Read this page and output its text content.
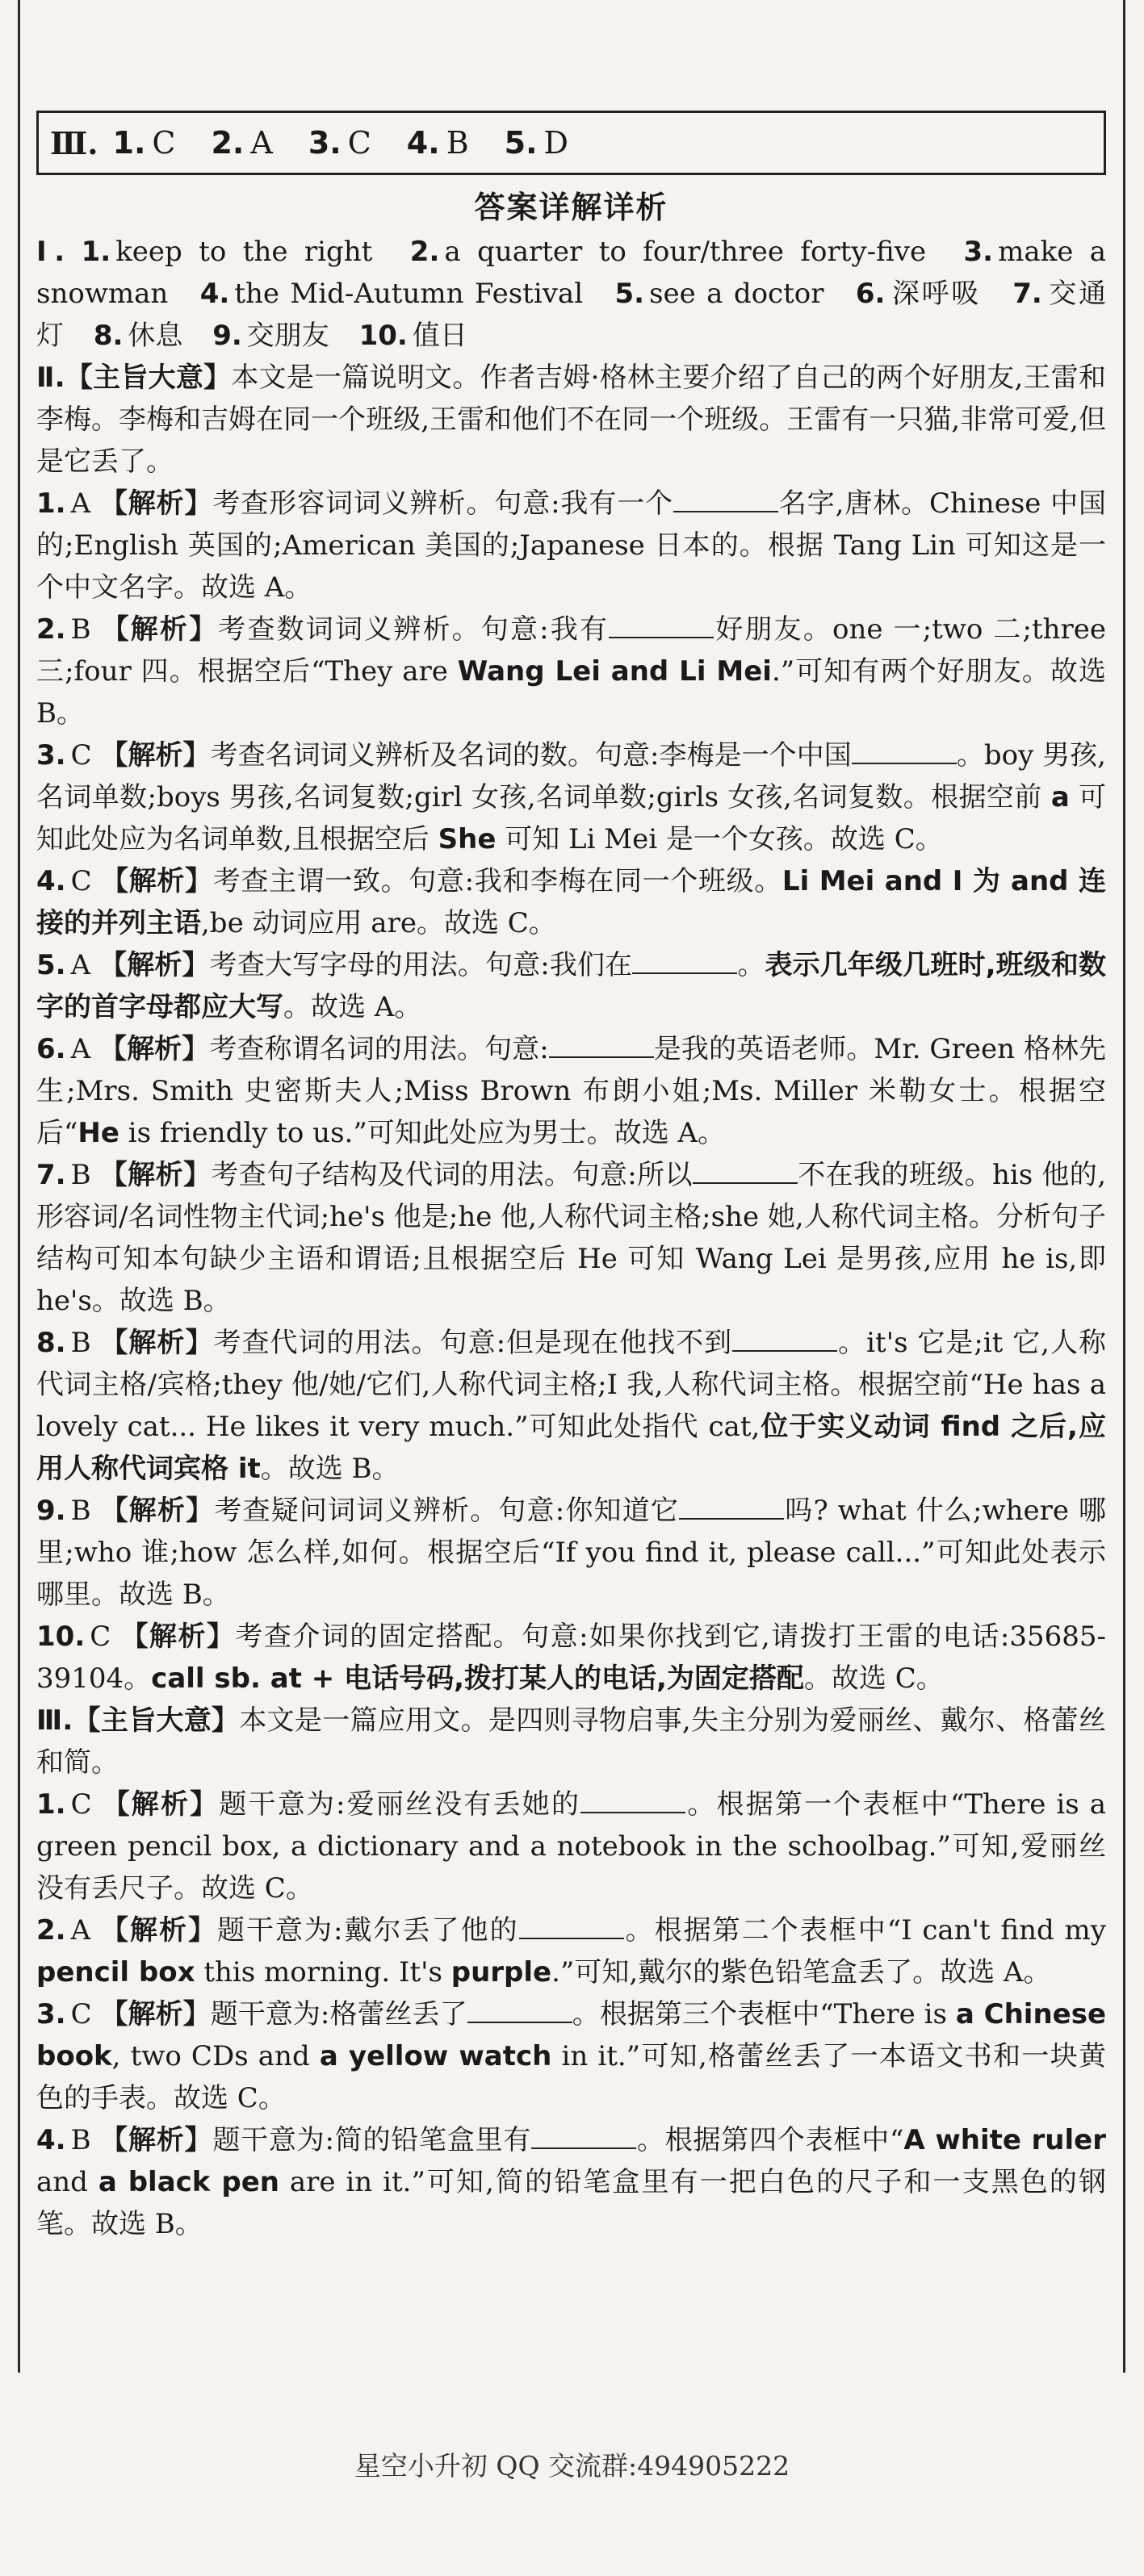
Ⅲ. 1. C 2. A 3. C 4. B 5. D
答案详解详析

Ⅰ. 1. keep to the right 2. a quarter to four/three forty-five 3. make a snowman 4. the Mid-Autumn Festival 5. see a doctor 6. 深呼吸 7. 交通灯 8. 休息 9. 交朋友 10. 值日

Ⅱ.【主旨大意】本文是一篇说明文。作者吉姆·格林主要介绍了自己的两个好朋友,王雷和李梅。李梅和吉姆在同一个班级,王雷和他们不在同一个班级。王雷有一只猫,非常可爱,但是它丢了。

1. A 【解析】考查形容词词义辨析。句意:我有一个	名字,唐林。Chinese 中国的;English 英国的;American 美国的;Japanese 日本的。根据 Tang Lin 可知这是一个中文名字。故选 A。

2. B 【解析】考查数词词义辨析。句意:我有	好朋友。one 一;two 二;three 三;four 四。根据空后“They are Wang Lei and Li Mei.”可知有两个好朋友。故选 B。

3. C 【解析】考查名词词义辨析及名词的数。句意:李梅是一个中国	。boy 男孩,名词单数;boys 男孩,名词复数;girl 女孩,名词单数;girls 女孩,名词复数。根据空前 a 可知此处应为名词单数,且根据空后 She 可知 Li Mei 是一个女孩。故选 C。

4. C 【解析】考查主谓一致。句意:我和李梅在同一个班级。Li Mei and I 为 and 连接的并列主语,be 动词应用 are。故选 C。

5. A 【解析】考查大写字母的用法。句意:我们在	。表示几年级几班时,班级和数字的首字母都应大写。故选 A。

6. A 【解析】考查称谓名词的用法。句意:	是我的英语老师。Mr. Green 格林先生;Mrs. Smith 史密斯夫人;Miss Brown 布朗小姐;Ms. Miller 米勒女士。根据空后“He is friendly to us.”可知此处应为男士。故选 A。

7. B 【解析】考查句子结构及代词的用法。句意:所以	不在我的班级。his 他的,形容词/名词性物主代词;he's 他是;he 他,人称代词主格;she 她,人称代词主格。分析句子结构可知本句缺少主语和谓语;且根据空后 He 可知 Wang Lei 是男孩,应用 he is,即 he's。故选 B。

8. B 【解析】考查代词的用法。句意:但是现在他找不到	。it's 它是;it 它,人称代词主格/宾格;they 他/她/它们,人称代词主格;I 我,人称代词主格。根据空前“He has a lovely cat... He likes it very much.”可知此处指代 cat,位于实义动词 find 之后,应用人称代词宾格 it。故选 B。

9. B 【解析】考查疑问词词义辨析。句意:你知道它	吗? what 什么;where 哪里;who 谁;how 怎么样,如何。根据空后“If you find it, please call...”可知此处表示哪里。故选 B。

10. C 【解析】考查介词的固定搭配。句意:如果你找到它,请拨打王雷的电话:35685-39104。call sb. at + 电话号码,拨打某人的电话,为固定搭配。故选 C。

Ⅲ.【主旨大意】本文是一篇应用文。是四则寻物启事,失主分别为爱丽丝、戴尔、格蕾丝和简。

1. C 【解析】题干意为:爱丽丝没有丢她的	。根据第一个表框中“There is a green pencil box, a dictionary and a notebook in the schoolbag.”可知,爱丽丝没有丢尺子。故选 C。

2. A 【解析】题干意为:戴尔丢了他的	。根据第二个表框中“I can't find my pencil box this morning. It's purple.”可知,戴尔的紫色铅笔盒丢了。故选 A。

3. C 【解析】题干意为:格蕾丝丢了	。根据第三个表框中“There is a Chinese book, two CDs and a yellow watch in it.”可知,格蕾丝丢了一本语文书和一块黄色的手表。故选 C。

4. B 【解析】题干意为:简的铅笔盒里有	。根据第四个表框中“A white ruler and a black pen are in it.”可知,简的铅笔盒里有一把白色的尺子和一支黑色的钢笔。故选 B。

星空小升初 QQ 交流群:494905222
